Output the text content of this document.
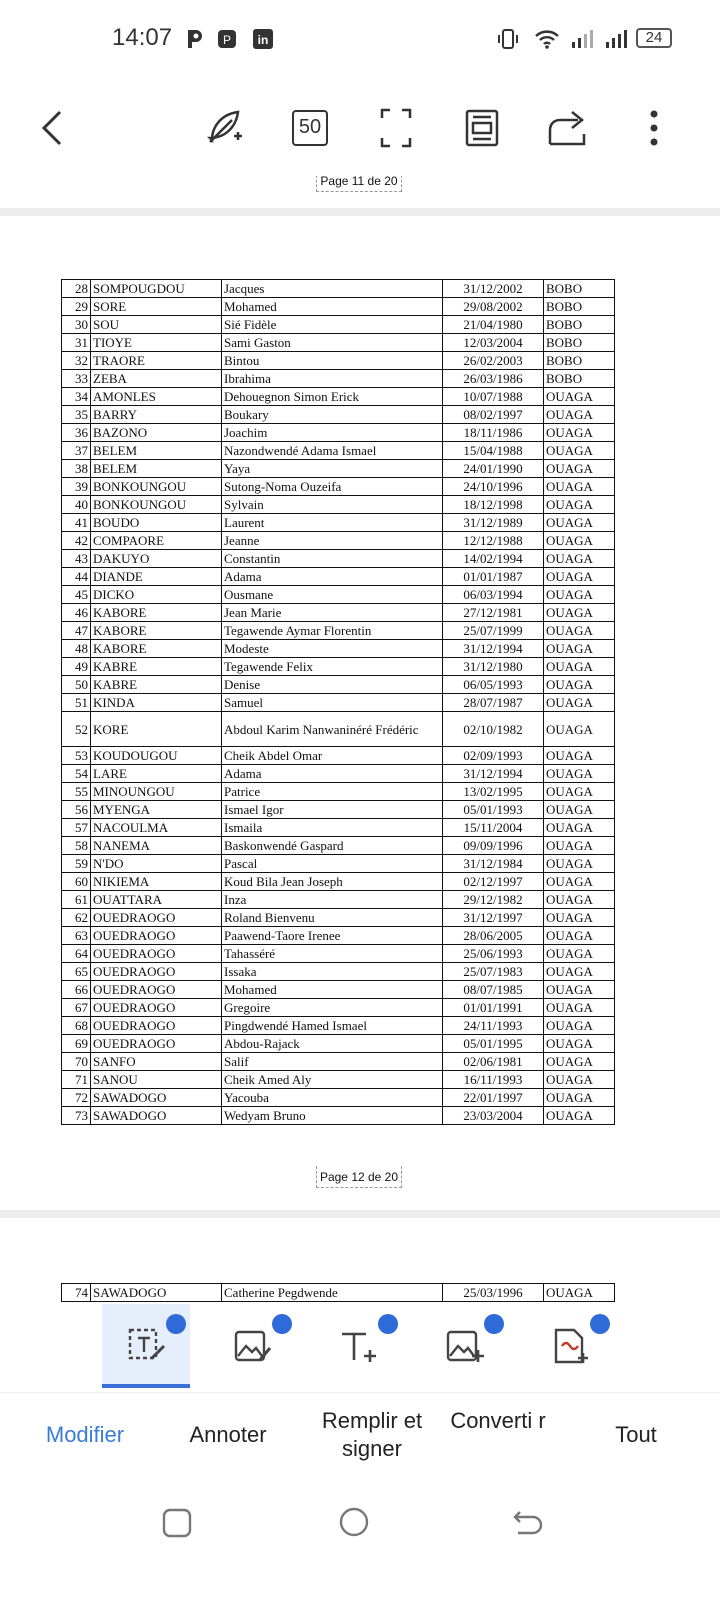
14:07	P in	24
50
Page 11 de 20
28	SOMPOUGDOU	Jacques	31/12/2002	BOBO
29	SORE	Mohamed	29/08/2002	BOBO
30	SOU	Sié Fidèle	21/04/1980	BOBO
31	TIOYE	Sami Gaston	12/03/2004	BOBO
32	TRAORE	Bintou	26/02/2003	BOBO
33	ZEBA	Ibrahima	26/03/1986	BOBO
34	AMONLES	Dehouegnon Simon Erick	10/07/1988	OUAGA
35	BARRY	Boukary	08/02/1997	OUAGA
36	BAZONO	Joachim	18/11/1986	OUAGA
37	BELEM	Nazondwendé Adama Ismael	15/04/1988	OUAGA
38	BELEM	Yaya	24/01/1990	OUAGA
39	BONKOUNGOU	Sutong-Noma Ouzeifa	24/10/1996	OUAGA
40	BONKOUNGOU	Sylvain	18/12/1998	OUAGA
41	BOUDO	Laurent	31/12/1989	OUAGA
42	COMPAORE	Jeanne	12/12/1988	OUAGA
43	DAKUYO	Constantin	14/02/1994	OUAGA
44	DIANDE	Adama	01/01/1987	OUAGA
45	DICKO	Ousmane	06/03/1994	OUAGA
46	KABORE	Jean Marie	27/12/1981	OUAGA
47	KABORE	Tegawende Aymar Florentin	25/07/1999	OUAGA
48	KABORE	Modeste	31/12/1994	OUAGA
49	KABRE	Tegawende Felix	31/12/1980	OUAGA
50	KABRE	Denise	06/05/1993	OUAGA
51	KINDA	Samuel	28/07/1987	OUAGA
52	KORE	Abdoul Karim Nanwaninéré Frédéric	02/10/1982	OUAGA
53	KOUDOUGOU	Cheik Abdel Omar	02/09/1993	OUAGA
54	LARE	Adama	31/12/1994	OUAGA
55	MINOUNGOU	Patrice	13/02/1995	OUAGA
56	MYENGA	Ismael Igor	05/01/1993	OUAGA
57	NACOULMA	Ismaila	15/11/2004	OUAGA
58	NANEMA	Baskonwendé Gaspard	09/09/1996	OUAGA
59	N'DO	Pascal	31/12/1984	OUAGA
60	NIKIEMA	Koud Bila Jean Joseph	02/12/1997	OUAGA
61	OUATTARA	Inza	29/12/1982	OUAGA
62	OUEDRAOGO	Roland Bienvenu	31/12/1997	OUAGA
63	OUEDRAOGO	Paawend-Taore Irenee	28/06/2005	OUAGA
64	OUEDRAOGO	Tahasséré	25/06/1993	OUAGA
65	OUEDRAOGO	Issaka	25/07/1983	OUAGA
66	OUEDRAOGO	Mohamed	08/07/1985	OUAGA
67	OUEDRAOGO	Gregoire	01/01/1991	OUAGA
68	OUEDRAOGO	Pingdwendé Hamed Ismael	24/11/1993	OUAGA
69	OUEDRAOGO	Abdou-Rajack	05/01/1995	OUAGA
70	SANFO	Salif	02/06/1981	OUAGA
71	SANOU	Cheik Amed Aly	16/11/1993	OUAGA
72	SAWADOGO	Yacouba	22/01/1997	OUAGA
73	SAWADOGO	Wedyam Bruno	23/03/2004	OUAGA
Page 12 de 20
74	SAWADOGO	Catherine Pegdwende	25/03/1996	OUAGA
Modifier	Annoter
Remplir et signer
Converti r
Tout
